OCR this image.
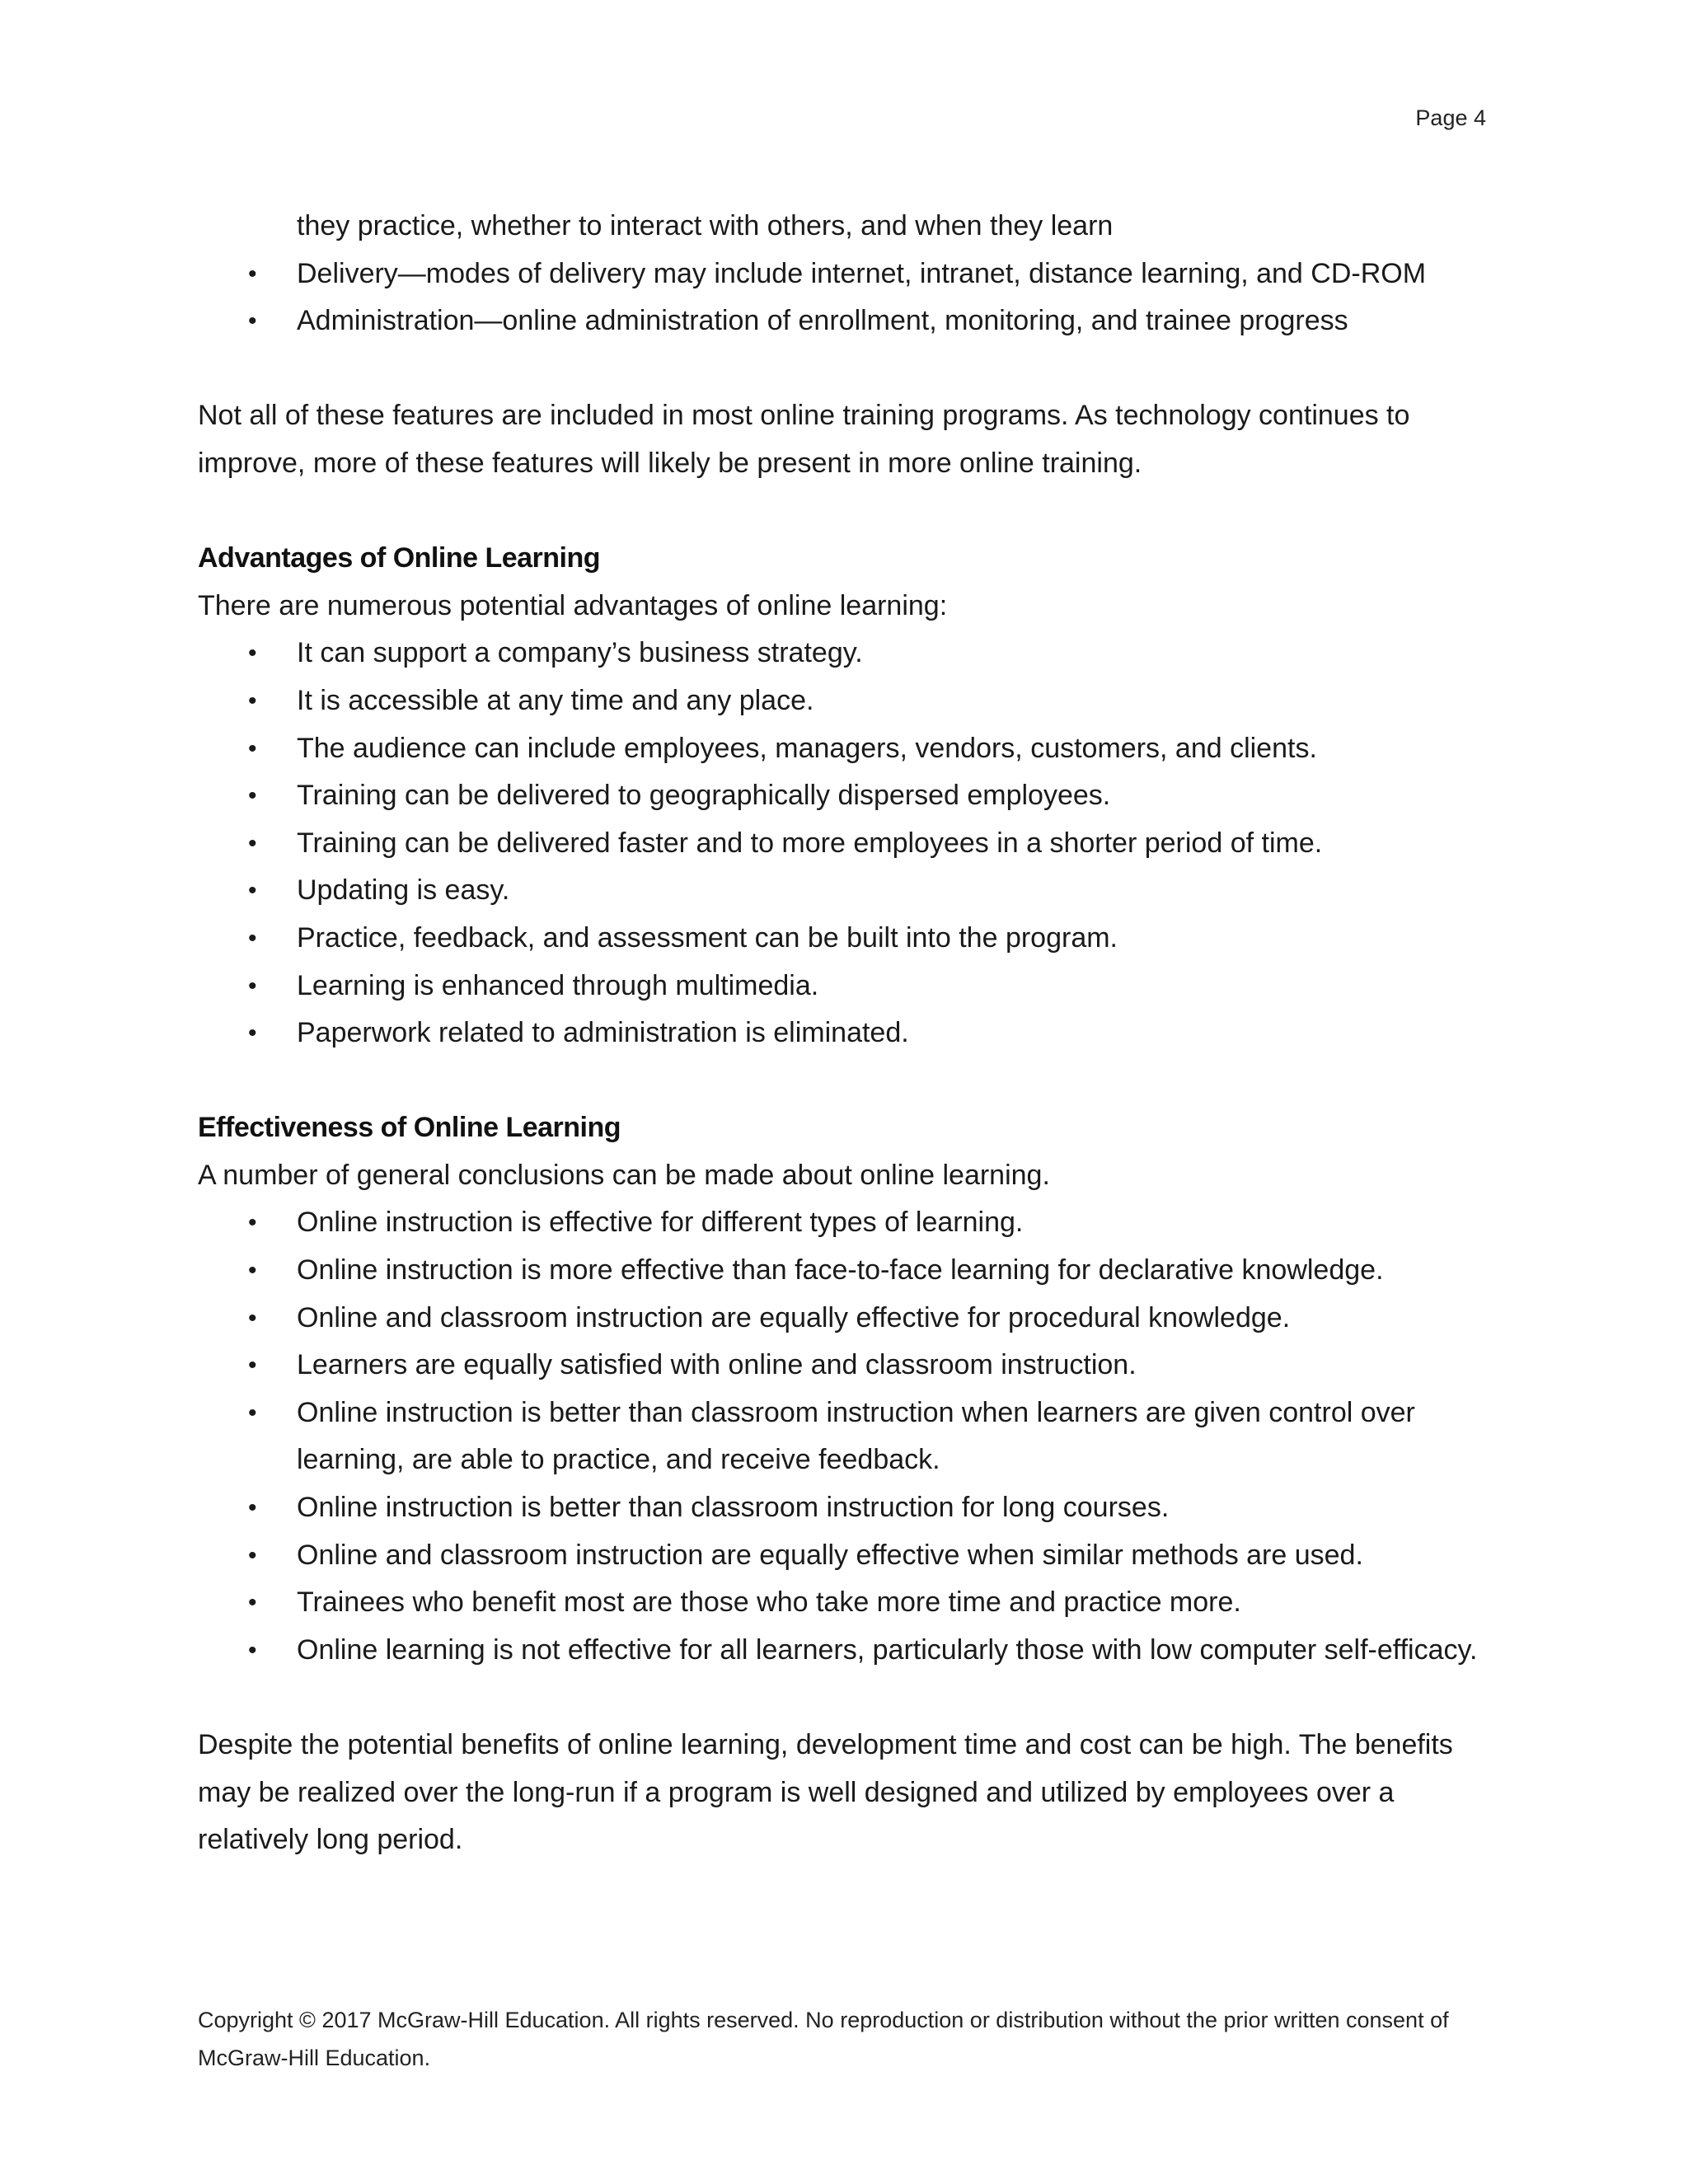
Page 4

they practice, whether to interact with others, and when they learn

• Delivery—modes of delivery may include internet, intranet, distance learning, and CD-ROM
• Administration—online administration of enrollment, monitoring, and trainee progress

Not all of these features are included in most online training programs. As technology continues to improve, more of these features will likely be present in more online training.

Advantages of Online Learning

There are numerous potential advantages of online learning:

• It can support a company’s business strategy.
• It is accessible at any time and any place.
• The audience can include employees, managers, vendors, customers, and clients.
• Training can be delivered to geographically dispersed employees.
• Training can be delivered faster and to more employees in a shorter period of time.
• Updating is easy.
• Practice, feedback, and assessment can be built into the program.
• Learning is enhanced through multimedia.
• Paperwork related to administration is eliminated.
Effectiveness of Online Learning

A number of general conclusions can be made about online learning.

• Online instruction is effective for different types of learning.
• Online instruction is more effective than face-to-face learning for declarative knowledge.
• Online and classroom instruction are equally effective for procedural knowledge.
• Learners are equally satisfied with online and classroom instruction.
• Online instruction is better than classroom instruction when learners are given control over learning, are able to practice, and receive feedback.
• Online instruction is better than classroom instruction for long courses.
• Online and classroom instruction are equally effective when similar methods are used.
• Trainees who benefit most are those who take more time and practice more.
• Online learning is not effective for all learners, particularly those with low computer self-efficacy.

Despite the potential benefits of online learning, development time and cost can be high. The benefits may be realized over the long-run if a program is well designed and utilized by employees over a relatively long period.

Copyright © 2017 McGraw-Hill Education. All rights reserved. No reproduction or distribution without the prior written consent of McGraw-Hill Education.
